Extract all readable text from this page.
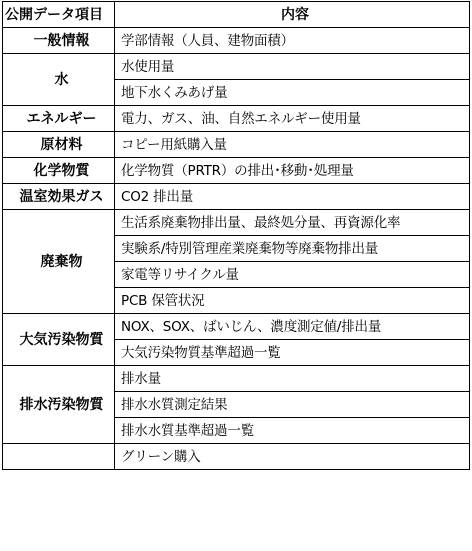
公開データ項目	内容
一般情報	学部情報（人員、建物面積）
水	水使用量
	地下水くみあげ量
エネルギー	電力、ガス、油、自然エネルギー使用量
原材料	コピー用紙購入量
化学物質	化学物質（PRTR）の排出･移動･処理量
温室効果ガス	CO2 排出量
廃棄物	生活系廃棄物排出量、最終処分量、再資源化率
	実験系/特別管理産業廃棄物等廃棄物排出量
	家電等リサイクル量
	PCB 保管状況
大気汚染物質	NOX、SOX、ばいじん、濃度測定値/排出量
	大気汚染物質基準超過一覧
排水汚染物質	排水量
	排水水質測定結果
	排水水質基準超過一覧
	グリーン購入
